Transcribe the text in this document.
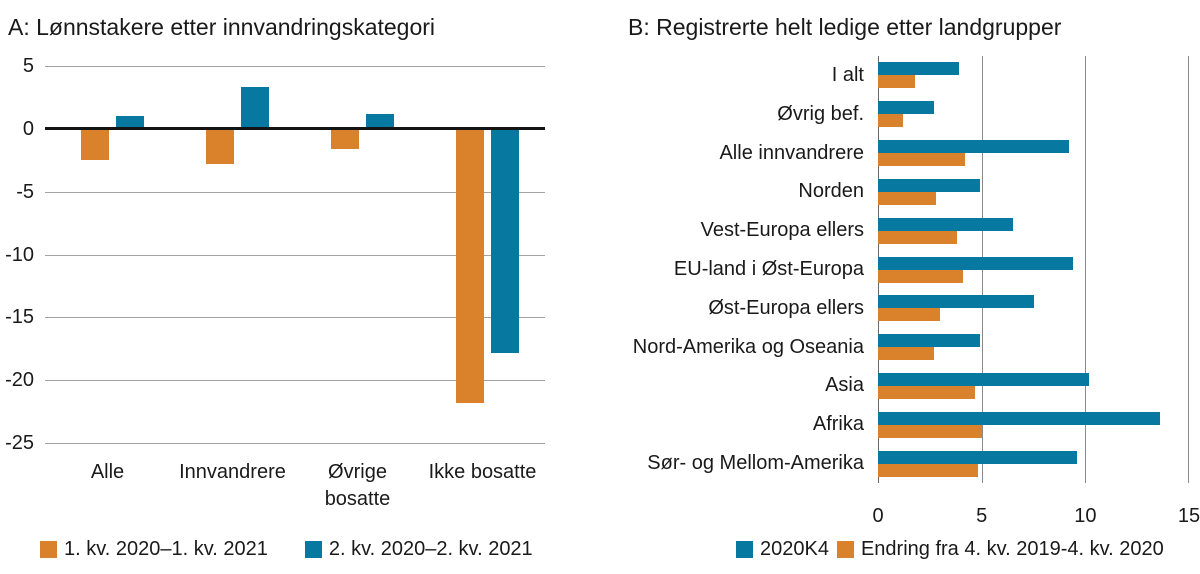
A: Lønnstakere etter innvandringskategori
5
0
-5
-10
-15
-20
-25
Alle	Innvandrere	Øvrige bosatte
Ikke bosatte
1. kv. 2020–1. kv. 2021	2. kv. 2020–2. kv. 2021
B: Registrerte helt ledige etter landgrupper
I alt
Øvrig bef.
Alle innvandrere
Norden
Vest-Europa ellers
EU-land i Øst-Europa
Øst-Europa ellers
Nord-Amerika og Oseania
Asia
Afrika
Sør- og Mellom-Amerika
0	5	10	15
2020K4 Endring fra 4. kv. 2019-4. kv. 2020
